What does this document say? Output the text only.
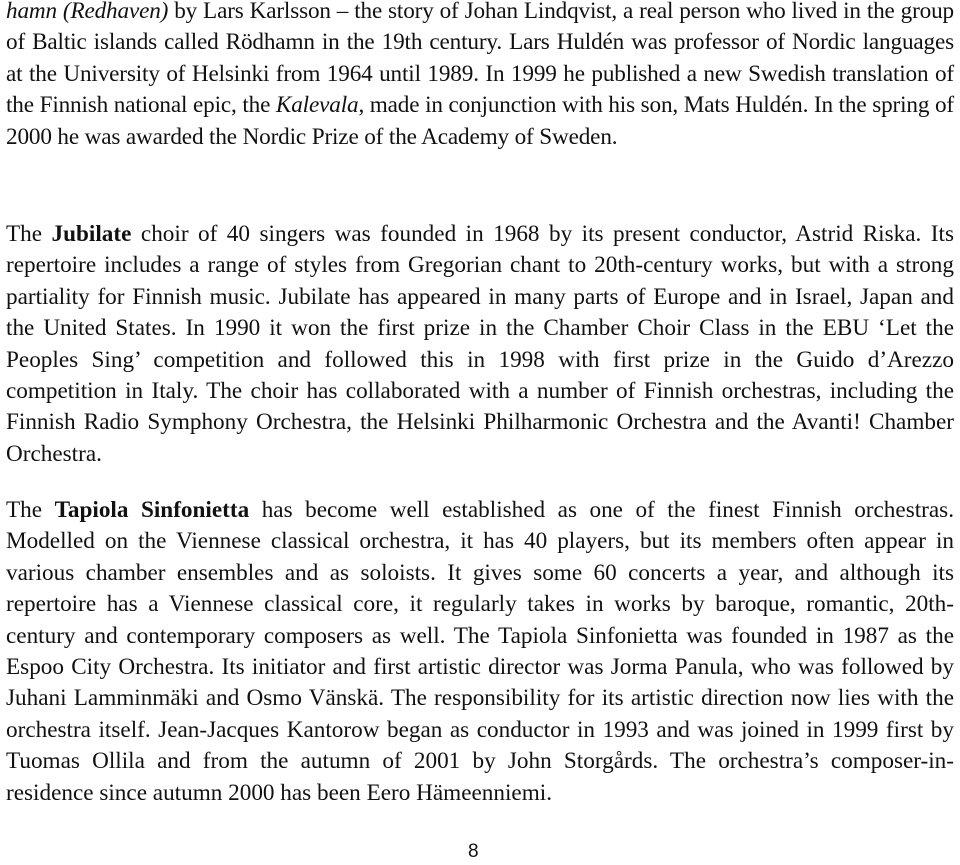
hamn (Redhaven) by Lars Karlsson – the story of Johan Lindqvist, a real person who lived in the group of Baltic islands called Rödhamn in the 19th century. Lars Huldén was professor of Nordic languages at the University of Helsinki from 1964 until 1989. In 1999 he published a new Swedish translation of the Finnish national epic, the Kalevala, made in conjunction with his son, Mats Huldén. In the spring of 2000 he was awarded the Nordic Prize of the Academy of Sweden.

The Jubilate choir of 40 singers was founded in 1968 by its present conductor, Astrid Riska. Its repertoire includes a range of styles from Gregorian chant to 20th-century works, but with a strong partiality for Finnish music. Jubilate has appeared in many parts of Europe and in Israel, Japan and the United States. In 1990 it won the first prize in the Chamber Choir Class in the EBU ‘Let the Peoples Sing’ competition and followed this in 1998 with first prize in the Guido d’Arezzo competition in Italy. The choir has collaborated with a number of Finnish orchestras, including the Finnish Radio Symphony Orchestra, the Helsinki Philharmonic Orchestra and the Avanti! Chamber Orchestra.

The Tapiola Sinfonietta has become well established as one of the finest Finnish orchestras. Modelled on the Viennese classical orchestra, it has 40 players, but its members often appear in various chamber ensembles and as soloists. It gives some 60 concerts a year, and although its repertoire has a Viennese classical core, it regularly takes in works by baroque, romantic, 20th-century and contemporary composers as well. The Tapiola Sinfonietta was founded in 1987 as the Espoo City Orchestra. Its initiator and first artistic director was Jorma Panula, who was followed by Juhani Lamminmäki and Osmo Vänskä. The responsibility for its artistic direction now lies with the orchestra itself. Jean-Jacques Kantorow began as conductor in 1993 and was joined in 1999 first by Tuomas Ollila and from the autumn of 2001 by John Storgårds. The orchestra’s composer-in-residence since autumn 2000 has been Eero Hämeenniemi.

8
